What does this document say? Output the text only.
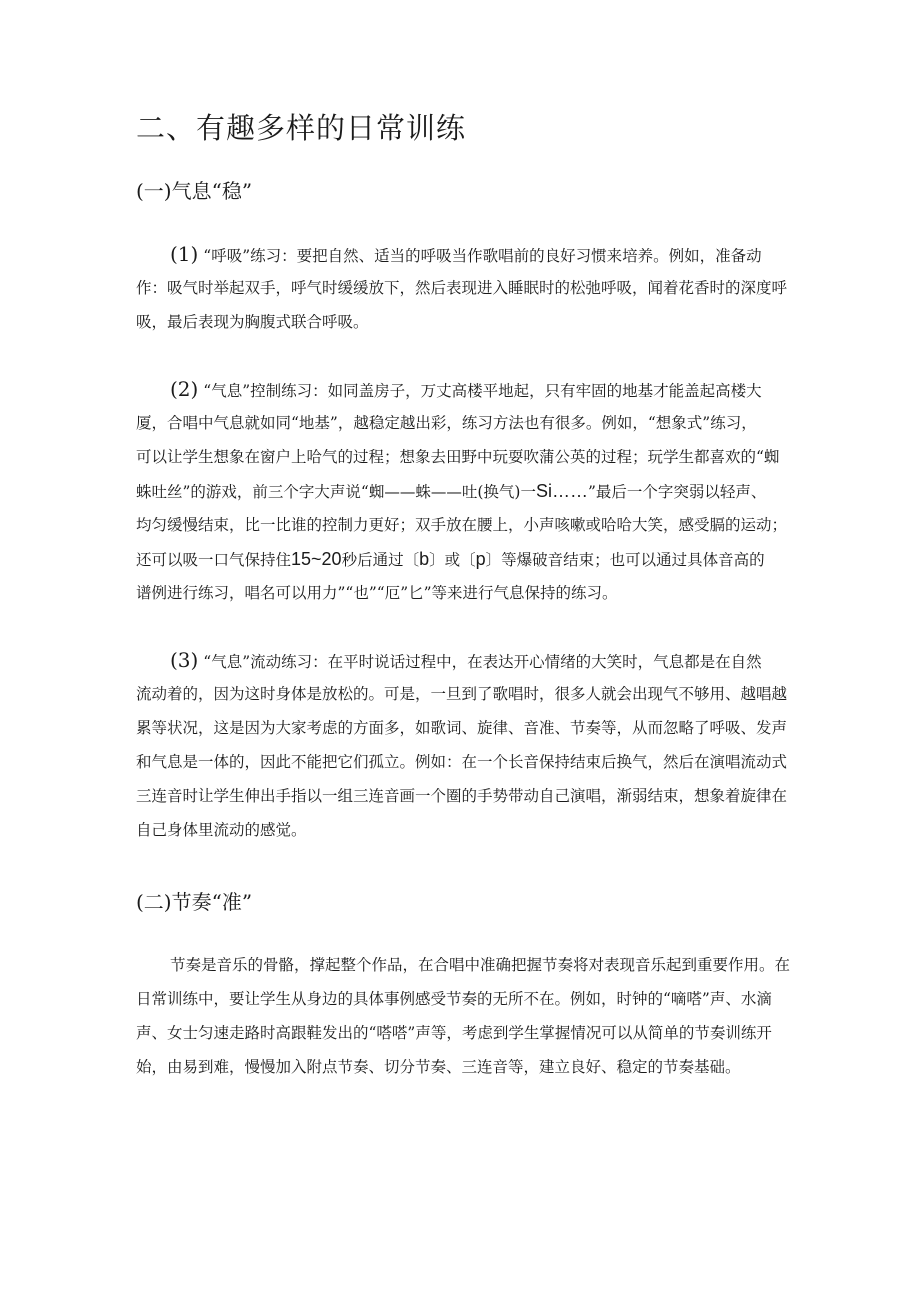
二、有趣多样的日常训练
(一)气息“稳”
(1) “呼吸”练习：要把自然、适当的呼吸当作歌唱前的良好习惯来培养。例如，准备动
作：吸气时举起双手，呼气时缓缓放下，然后表现进入睡眠时的松弛呼吸，闻着花香时的深度呼
吸，最后表现为胸腹式联合呼吸。
(2) “气息”控制练习：如同盖房子，万丈高楼平地起，只有牢固的地基才能盖起高楼大
厦，合唱中气息就如同“地基”，越稳定越出彩，练习方法也有很多。例如，“想象式”练习，
可以让学生想象在窗户上哈气的过程；想象去田野中玩耍吹蒲公英的过程；玩学生都喜欢的“蜘
蛛吐丝”的游戏，前三个字大声说“蜘——蛛——吐(换气)一Si……”最后一个字突弱以轻声、
均匀缓慢结束，比一比谁的控制力更好；双手放在腰上，小声咳嗽或哈哈大笑，感受膈的运动；
还可以吸一口气保持住15~20秒后通过〔b〕或〔p〕等爆破音结束；也可以通过具体音高的
谱例进行练习，唱名可以用力”“也”“厄”匕”等来进行气息保持的练习。
(3) “气息”流动练习：在平时说话过程中，在表达开心情绪的大笑时，气息都是在自然
流动着的，因为这时身体是放松的。可是，一旦到了歌唱时，很多人就会出现气不够用、越唱越
累等状况，这是因为大家考虑的方面多，如歌词、旋律、音准、节奏等，从而忽略了呼吸、发声
和气息是一体的，因此不能把它们孤立。例如：在一个长音保持结束后换气，然后在演唱流动式
三连音时让学生伸出手指以一组三连音画一个圈的手势带动自己演唱，渐弱结束，想象着旋律在
自己身体里流动的感觉。
(二)节奏“准”
节奏是音乐的骨骼，撑起整个作品，在合唱中准确把握节奏将对表现音乐起到重要作用。在
日常训练中，要让学生从身边的具体事例感受节奏的无所不在。例如，时钟的“嘀嗒”声、水滴
声、女士匀速走路时高跟鞋发出的“嗒嗒”声等，考虑到学生掌握情况可以从简单的节奏训练开
始，由易到难，慢慢加入附点节奏、切分节奏、三连音等，建立良好、稳定的节奏基础。
